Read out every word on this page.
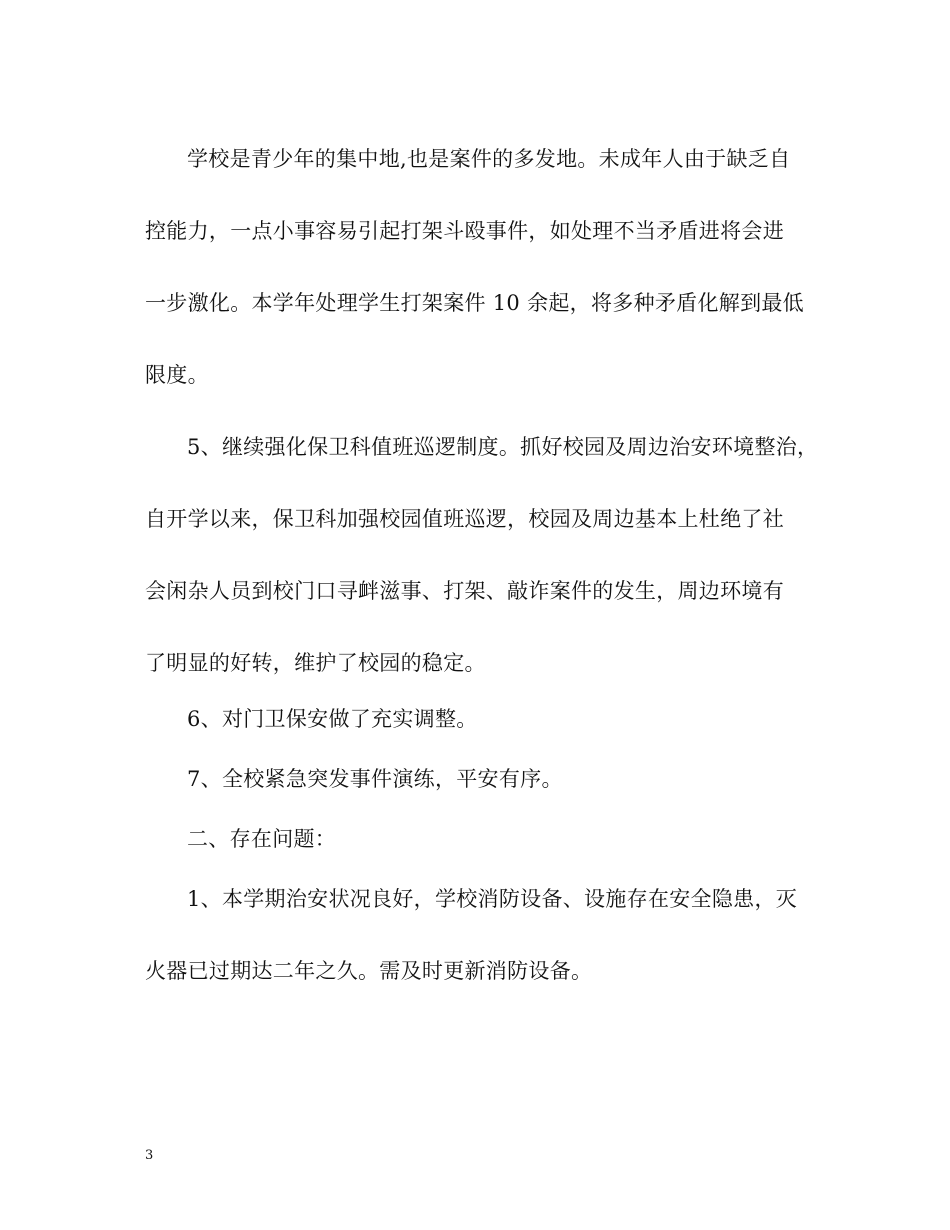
学校是青少年的集中地,也是案件的多发地。未成年人由于缺乏自
控能力，一点小事容易引起打架斗殴事件，如处理不当矛盾进将会进
一步激化。本学年处理学生打架案件 10 余起，将多种矛盾化解到最低
限度。
5、继续强化保卫科值班巡逻制度。抓好校园及周边治安环境整治，
自开学以来，保卫科加强校园值班巡逻，校园及周边基本上杜绝了社
会闲杂人员到校门口寻衅滋事、打架、敲诈案件的发生，周边环境有
了明显的好转，维护了校园的稳定。
6、对门卫保安做了充实调整。
7、全校紧急突发事件演练，平安有序。
二、存在问题：
1、本学期治安状况良好，学校消防设备、设施存在安全隐患，灭
火器已过期达二年之久。需及时更新消防设备。
3
